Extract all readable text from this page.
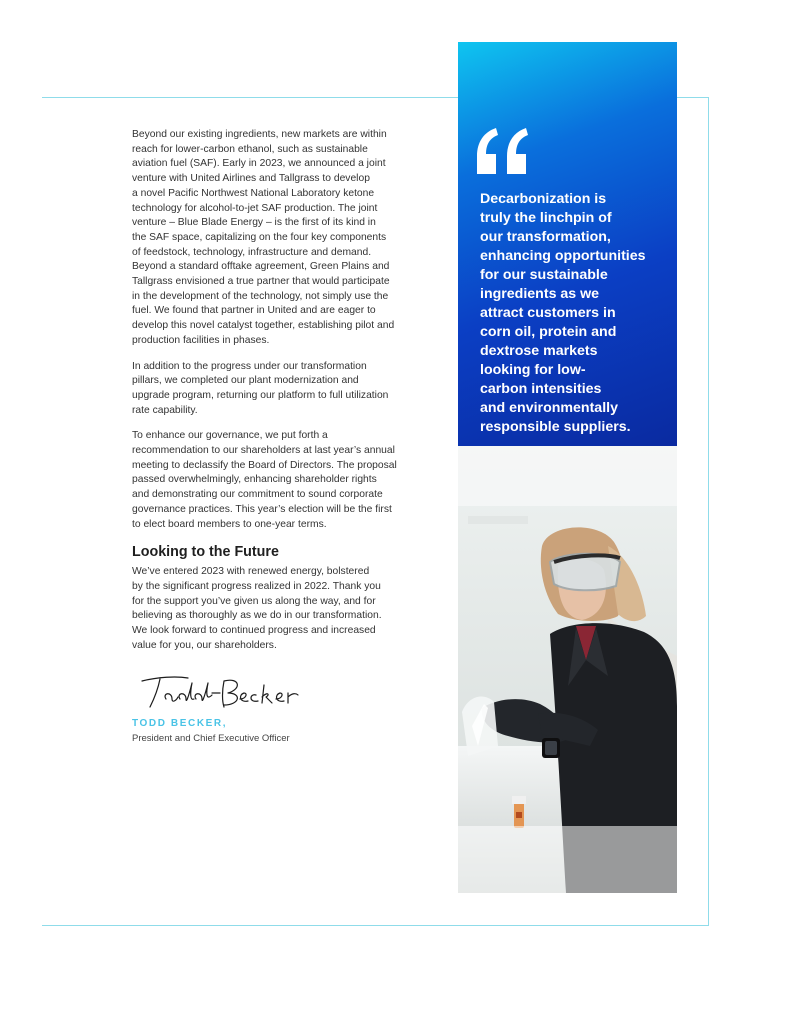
Beyond our existing ingredients, new markets are within
reach for lower-carbon ethanol, such as sustainable
aviation fuel (SAF). Early in 2023, we announced a joint
venture with United Airlines and Tallgrass to develop
a novel Pacific Northwest National Laboratory ketone
technology for alcohol-to-jet SAF production. The joint
venture – Blue Blade Energy – is the first of its kind in
the SAF space, capitalizing on the four key components
of feedstock, technology, infrastructure and demand.
Beyond a standard offtake agreement, Green Plains and
Tallgrass envisioned a true partner that would participate
in the development of the technology, not simply use the
fuel. We found that partner in United and are eager to
develop this novel catalyst together, establishing pilot and
production facilities in phases.

In addition to the progress under our transformation
pillars, we completed our plant modernization and
upgrade program, returning our platform to full utilization
rate capability.

To enhance our governance, we put forth a
recommendation to our shareholders at last year’s annual
meeting to declassify the Board of Directors. The proposal
passed overwhelmingly, enhancing shareholder rights
and demonstrating our commitment to sound corporate
governance practices. This year’s election will be the first
to elect board members to one-year terms.

Looking to the Future

We’ve entered 2023 with renewed energy, bolstered
by the significant progress realized in 2022. Thank you
for the support you’ve given us along the way, and for
believing as thoroughly as we do in our transformation.
We look forward to continued progress and increased
value for you, our shareholders.

TODD BECKER,

President and Chief Executive Officer

Decarbonization is
truly the linchpin of
our transformation,
enhancing opportunities
for our sustainable
ingredients as we
attract customers in
corn oil, protein and
dextrose markets
looking for low-
carbon intensities
and environmentally
responsible suppliers.
